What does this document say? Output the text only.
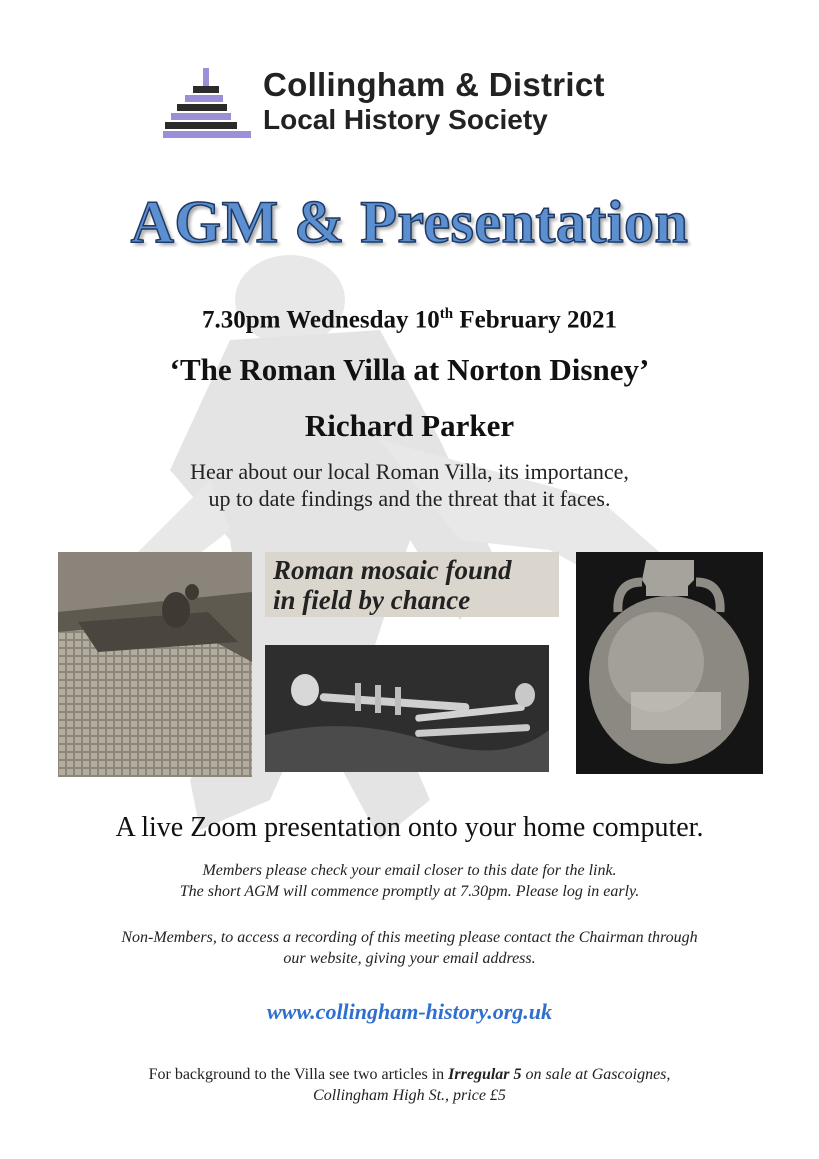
Collingham & District
Local History Society
AGM & Presentation
7.30pm Wednesday 10th February 2021
‘The Roman Villa at Norton Disney’
Richard Parker
Hear about our local Roman Villa, its importance,
up to date findings and the threat that it faces.
Roman mosaic found
in field by chance
A live Zoom presentation onto your home computer.
Members please check your email closer to this date for the link.
The short AGM will commence promptly at 7.30pm. Please log in early.
Non-Members, to access a recording of this meeting please contact the Chairman through
our website, giving your email address.
www.collingham-history.org.uk
For background to the Villa see two articles in Irregular 5 on sale at Gascoignes,
Collingham High St., price £5
